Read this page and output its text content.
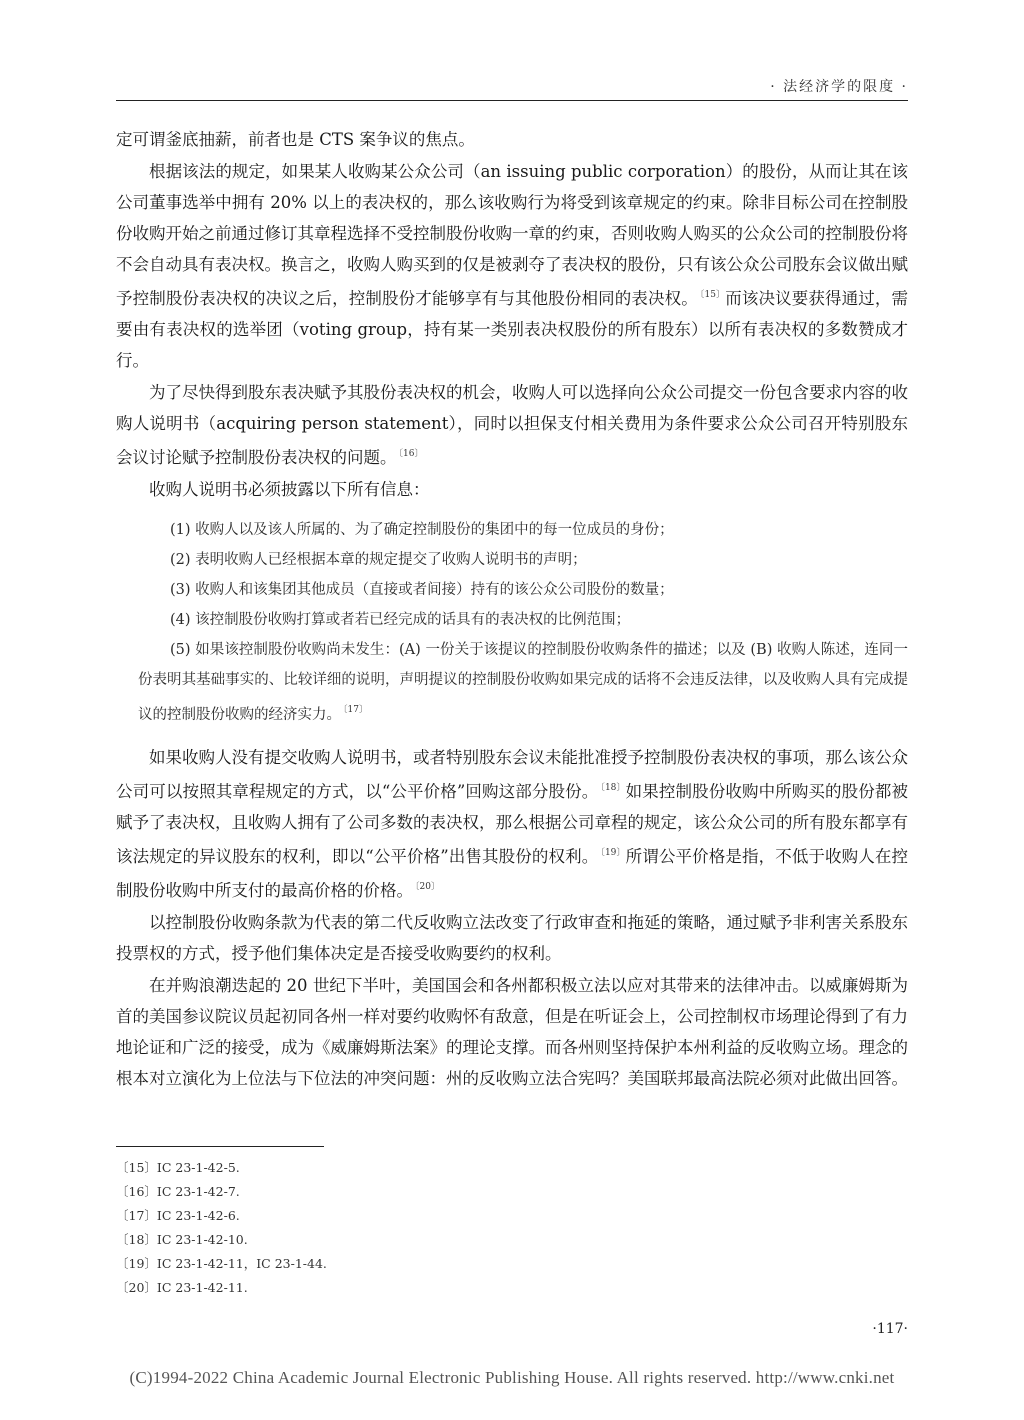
· 法经济学的限度 ·

定可谓釜底抽薪，前者也是 CTS 案争议的焦点。

根据该法的规定，如果某人收购某公众公司（an issuing public corporation）的股份，从而让其在该公司董事选举中拥有 20% 以上的表决权的，那么该收购行为将受到该章规定的约束。除非目标公司在控制股份收购开始之前通过修订其章程选择不受控制股份收购一章的约束，否则收购人购买的公众公司的控制股份将不会自动具有表决权。换言之，收购人购买到的仅是被剥夺了表决权的股份，只有该公众公司股东会议做出赋予控制股份表决权的决议之后，控制股份才能够享有与其他股份相同的表决权。 $^{〔15〕}$而该决议要获得通过，需要由有表决权的选举团（voting group，持有某一类别表决权股份的所有股东）以所有表决权的多数赞成才行。

为了尽快得到股东表决赋予其股份表决权的机会，收购人可以选择向公众公司提交一份包含要求内容的收购人说明书（acquiring person statement），同时以担保支付相关费用为条件要求公众公司召开特别股东会议讨论赋予控制股份表决权的问题。 $^{〔16〕}$

收购人说明书必须披露以下所有信息：

(1) 收购人以及该人所属的、为了确定控制股份的集团中的每一位成员的身份；

(2) 表明收购人已经根据本章的规定提交了收购人说明书的声明；

(3) 收购人和该集团其他成员（直接或者间接）持有的该公众公司股份的数量；

(4) 该控制股份收购打算或者若已经完成的话具有的表决权的比例范围；

(5) 如果该控制股份收购尚未发生：(A) 一份关于该提议的控制股份收购条件的描述；以及 (B) 收购人陈述，连同一份表明其基础事实的、比较详细的说明，声明提议的控制股份收购如果完成的话将不会违反法律，以及收购人具有完成提议的控制股份收购的经济实力。 $^{〔17〕}$

如果收购人没有提交收购人说明书，或者特别股东会议未能批准授予控制股份表决权的事项，那么该公众公司可以按照其章程规定的方式，以“公平价格”回购这部分股份。 $^{〔18〕}$如果控制股份收购中所购买的股份都被赋予了表决权，且收购人拥有了公司多数的表决权，那么根据公司章程的规定，该公众公司的所有股东都享有该法规定的异议股东的权利，即以“公平价格”出售其股份的权利。 $^{〔19〕}$所谓公平价格是指，不低于收购人在控制股份收购中所支付的最高价格的价格。 $^{〔20〕}$

以控制股份收购条款为代表的第二代反收购立法改变了行政审查和拖延的策略，通过赋予非利害关系股东投票权的方式，授予他们集体决定是否接受收购要约的权利。

在并购浪潮迭起的 20 世纪下半叶，美国国会和各州都积极立法以应对其带来的法律冲击。以威廉姆斯为首的美国参议院议员起初同各州一样对要约收购怀有敌意，但是在听证会上，公司控制权市场理论得到了有力地论证和广泛的接受，成为《威廉姆斯法案》的理论支撑。而各州则坚持保护本州利益的反收购立场。理念的根本对立演化为上位法与下位法的冲突问题：州的反收购立法合宪吗？美国联邦最高法院必须对此做出回答。

〔15〕IC 23-1-42-5.

〔16〕IC 23-1-42-7.

〔17〕IC 23-1-42-6.

〔18〕IC 23-1-42-10.

〔19〕IC 23-1-42-11，IC 23-1-44.

〔20〕IC 23-1-42-11.

·117·
(C)1994-2022 China Academic Journal Electronic Publishing House. All rights reserved. http://www.cnki.net
